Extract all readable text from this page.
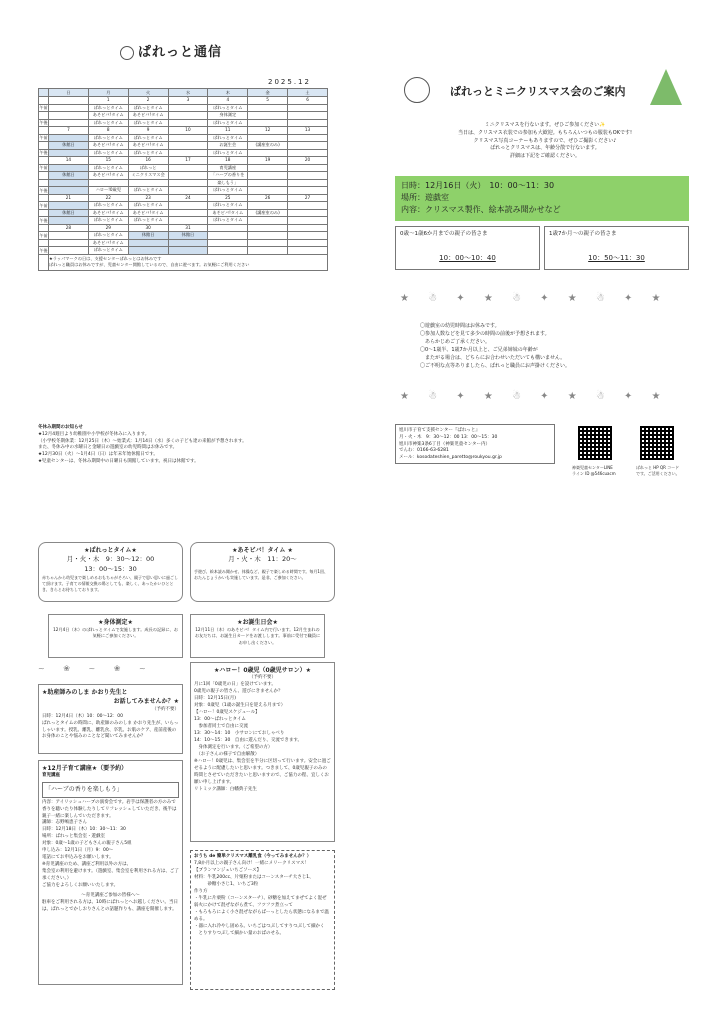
ぱれっと通信
2025.12
	日	月	火	水	木	金	土
		1	2	3	4	5	6
午前		ぱれっとタイム	ぱれっとタイム		ぱれっとタイム		
		あそビバ!タイム	あそビバ!タイム		身体測定		
午後		ぱれっとタイム	ぱれっとタイム		ぱれっとタイム		
	7	8	9	10	11	12	13
午前		ぱれっとタイム	ぱれっとタイム		ぱれっとタイム		
	休館日	あそビバ!タイム	あそビバ!タイム		お誕生会	(講座室のみ)	
午後		ぱれっとタイム	ぱれっとタイム		ぱれっとタイム		
	14	15	16	17	18	19	20
午前		ぱれっとタイム	ぱれっと		育児講座		
	休館日	あそビバ!タイム	ミニクリスマス会		「ハーブの香りを		
					楽しもう」		
午後		ハロー!0歳児	ぱれっとタイム		ぱれっとタイム		
	21	22	23	24	25	26	27
午前		ぱれっとタイム	ぱれっとタイム		ぱれっとタイム		
	休館日	あそビバ!タイム	あそビバ!タイム		あそビバ!タイム	(講座室のみ)	
午後		ぱれっとタイム	ぱれっとタイム		ぱれっとタイム		
	28	29	30	31			
午前		ぱれっとタイム	休館日	休館日			
		あそビバ!タイム					
午後		ぱれっとタイム					

	★ラッパマークの日は、支援センターぱれっとはお休みです
ぱれっと職員はお休みですが、児童センター開館しているので、自由に遊べます。お気軽にご利用ください						
冬休み期間のお知らせ
★12月4週目より幼稚園や小学校が冬休みに入ります。
（小学校冬期休業：12月25日（木）～始業式：1月14日（水）多くの子ども達の来館が予想されます。
また、冬休み中の水曜日と金曜日の遊戯室の幼児時間はお休みです。
★12月30日（火）～1月4日（日）は年末年始休館日です。
★児童センターは、冬休み期間中の日曜日も開館しています。祝日は休館です。
ぱれっとミニクリスマス会のご案内
ミニクリスマスを行ないます。ぜひご参加ください✨
当日は、クリスマス衣装での参加も大歓迎。もちろんいつもの服装もOKです!
クリスマス写真コーナーもありますので、ぜひご撮影ください♪
ぱれっとクリスマスは、年齢分散で行ないます。
詳細は下記をご確認ください。
日時：12月16日（火）　10：00～11：30
場所：遊戯室
内容：クリスマス製作、絵本読み聞かせなど
0歳～1歳6か月までの親子の皆さま
10：00～10：40
1歳7か月～の親子の皆さま
10：50～11：30
★ ☃ ✦ ★ ☃ ✦ ★ ☃ ✦ ★
〇遊戯室の幼児時間はお休みです。
〇参加人数などを見て多少の時間の前後が予想されます。
　あらかじめご了承ください。
〇0～1歳半、1歳7か月以上と、ご兄弟姉妹の年齢が
　またがる場合は、どちらにお合わせいただいても構いません。
〇ご不明な点等ありましたら、ぱれっと職員にお声掛けください。
★ ☃ ✦ ★ ☃ ✦ ★ ☃ ✦ ★
旭川市子育て支援センター『ぱれっと』
月・火・木　9：30～12：00 13：00～15：30
旭川市神楽3条6丁目（神楽児童センター内）
でんわ：0166-63-6281
メール：kosodateshien_paretto@roukyou.gr.jp
神楽児童センターLINE
ライン ID @546cuacm
ぱれっと HP QR コード
です。ご活用ください。
★ぱれっとタイム★
月・火・木　9：30～12：00
13：00～15：30
赤ちゃんから幼児まで楽しめるおもちゃがそろい、親子で思い思いに過ごして頂けます。子育ての情報交換の場としても、楽しく、あったかいひととき、きらとお待ちしております。
★あそビバ！タイム ★
月・火・木　11：20～
手遊び、絵本読み聞かせ、体操など、親子で楽しめる時間です。毎月1回、おたんじょうかいも実施しています。是非、ご参加ください。
★身体測定★
12月4日（木）のぱれっとタイムで実施します。成長の記録に、お気軽にご参加ください。
★お誕生日会★
12月11日（木）のあそビバ！タイム内で行います。12月生まれのお友だちは、お誕生日カードをお渡しします。事前に受付で職員にお申し出ください。
~ ❀ ~ ❀ ~
★助産師みのしま かおり先生と
お話してみませんか？★
（予約不要）
日時：12月4日（木）10：00～12：00
ぱれっとタイムの時間に、助産師のみのしま かおり先生が、いらっしゃいます。授乳、離乳、離乳食、卒乳、お肌のケア、産前産後のお身体のことや悩みのことなど聞いてみませんか？
★12月子育て講座★（要予約）
育児講座
「ハーブの香りを楽しもう」
内容：アイリッシュハーブの演奏会です。岩手は保護者の方のみで香りを聴いたり体験したりしてリフレッシュしていただき、後半は親子一緒に楽しんでいただきます。
講師：志野嶋恵子さん
日時：12月18日（木）10：30～11：30
場所：ぱれっと集会室・遊戯室
対象：0歳～1歳の子どもさんの親子さん5組
申し込み：12月1日（月）9：00～
電話にてお申込みをお願いします。
※育児講座のため、講座ご利用以外の方は、
集会室の利用を避けます。（遊戯室、集会室を利用される方は、ご了承ください。）
ご協力をよろしくお願いいたします。
～育児講座ご参加の皆様へ～
駐車をご利用される方は、10時にぱれっとへお越しください。当日は、ぱれっとでかしおりさんとの話題作りも、講座を開催します。
★ハロー！0歳児（0歳児サロン）★
（予約不要）
月に1回「0歳児の日」を設けています。
0歳児の親子の皆さん、遊びにきませんか？
日時：12月15日(月)
対象：0歳児（1歳の誕生日を迎える月まで）
【ハロー！0歳児スケジュール】
13：00～ぱれっとタイム
　参加者同士で自由に交流
13：30～14：10　小サロンにておしゃべり
14：10～15：30　自由に遊んだり、交流できます。
　身体測定を行います。（ご希望の方）
　（お子さんの様子で自由解散）
※ハロー！0歳児は、集会室を半分に区切って行います。安全に過ごせるように配慮したいと思います。つきまして、0歳児親子のみの時間とさせていただきたいと思いますので、ご協力の程、宜しくお願い申し上げます。
リトミック講師：白幡典子先生
おうち de 簡単クリスマス離乳食（今ってみませんか？）
7,8か月以上の親子さん向け！一緒にメリークリスマス！
【ブランマンジェいちごソース】
材料：牛乳200cc、片栗粉またはコーンスターチ大さじ1、
　　　砂糖小さじ1、いちご3粒
作り方
・牛乳に片栗粉（コーンスターチ）、砂糖を加えてまぜてよく混ぜ弱火にかけて混ぜながら煮て、フツフツ煮立って
・もろもろによく小さ混ぜながらぱーっとしたら状態になるまで温める。
・器に入れ冷やし固める。いちごはつぶしてすりつぶして細かく
　とりすりつぶして細かい量のおばのせる。
